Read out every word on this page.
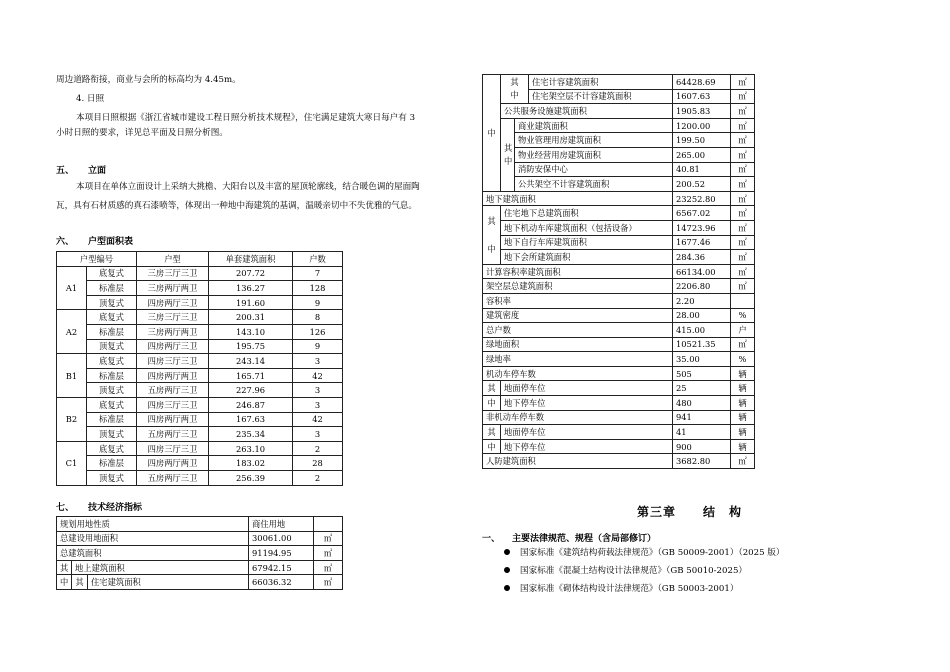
周边道路衔接，商业与会所的标高均为 4.45m。
4. 日照
本项目日照根据《浙江省城市建设工程日照分析技术规程》，住宅满足建筑大寒日每户有 3
小时日照的要求，详见总平面及日照分析图。
五、 立面
本项目在单体立面设计上采纳大挑檐、大阳台以及丰富的屋顶轮廓线，结合暖色调的屋面陶
瓦，具有石材质感的真石漆喷等，体现出一种地中海建筑的基调，温暖亲切中不失优雅的气息。
六、 户型面积表
户型编号		户型	单套建筑面积	户数
A1	底复式	三房三厅三卫	207.72	7
	标准层	三房两厅两卫	136.27	128
	顶复式	四房两厅三卫	191.60	9
A2	底复式	三房三厅三卫	200.31	8
	标准层	三房两厅两卫	143.10	126
	顶复式	四房两厅三卫	195.75	9
B1	底复式	四房三厅三卫	243.14	3
	标准层	四房两厅两卫	165.71	42
	顶复式	五房两厅三卫	227.96	3
B2	底复式	四房三厅三卫	246.87	3
	标准层	四房两厅两卫	167.63	42
	顶复式	五房两厅三卫	235.34	3
C1	底复式	四房三厅三卫	263.10	2
	标准层	四房两厅两卫	183.02	28
	顶复式	五房两厅三卫	256.39	2
七、 技术经济指标
规划用地性质			商住用地	
总建设用地面积			30061.00	㎡
总建筑面积			91194.95	㎡
其	地上建筑面积		67942.15	㎡
中	其	住宅建筑面积	66036.32	㎡
中	其
中		住宅计容建筑面积	64428.69	㎡
			住宅架空层不计容建筑面积	1607.63	㎡
	公共服务设施建筑面积			1905.83	㎡
	其
中	商业建筑面积		1200.00	㎡
		物业管理用房建筑面积		199.50	㎡
		物业经营用房建筑面积		265.00	㎡
		消防安保中心		40.81	㎡
		公共架空不计容建筑面积		200.52	㎡
地下建筑面积				23252.80	㎡
其

中	住宅地下总建筑面积			6567.02	㎡
	地下机动车库建筑面积（包括设备）			14723.96	㎡
	地下自行车库建筑面积			1677.46	㎡
	地下会所建筑面积			284.36	㎡
计算容积率建筑面积				66134.00	㎡
架空层总建筑面积				2206.80	㎡
容积率				2.20	
建筑密度				28.00	%
总户数				415.00	户
绿地面积				10521.35	㎡
绿地率				35.00	%
机动车停车数				505	辆
其	地面停车位			25	辆
中	地下停车位			480	辆
非机动车停车数				941	辆
其	地面停车位			41	辆
中	地下停车位			900	辆
人防建筑面积				3682.80	㎡
第三章 结　构
一、 主要法律规范、规程（含局部修订）
国家标准《建筑结构荷载法律规范》（GB 50009-2001）（2025 版）
国家标准《混凝土结构设计法律规范》（GB 50010-2025）
国家标准《砌体结构设计法律规范》（GB 50003-2001）
